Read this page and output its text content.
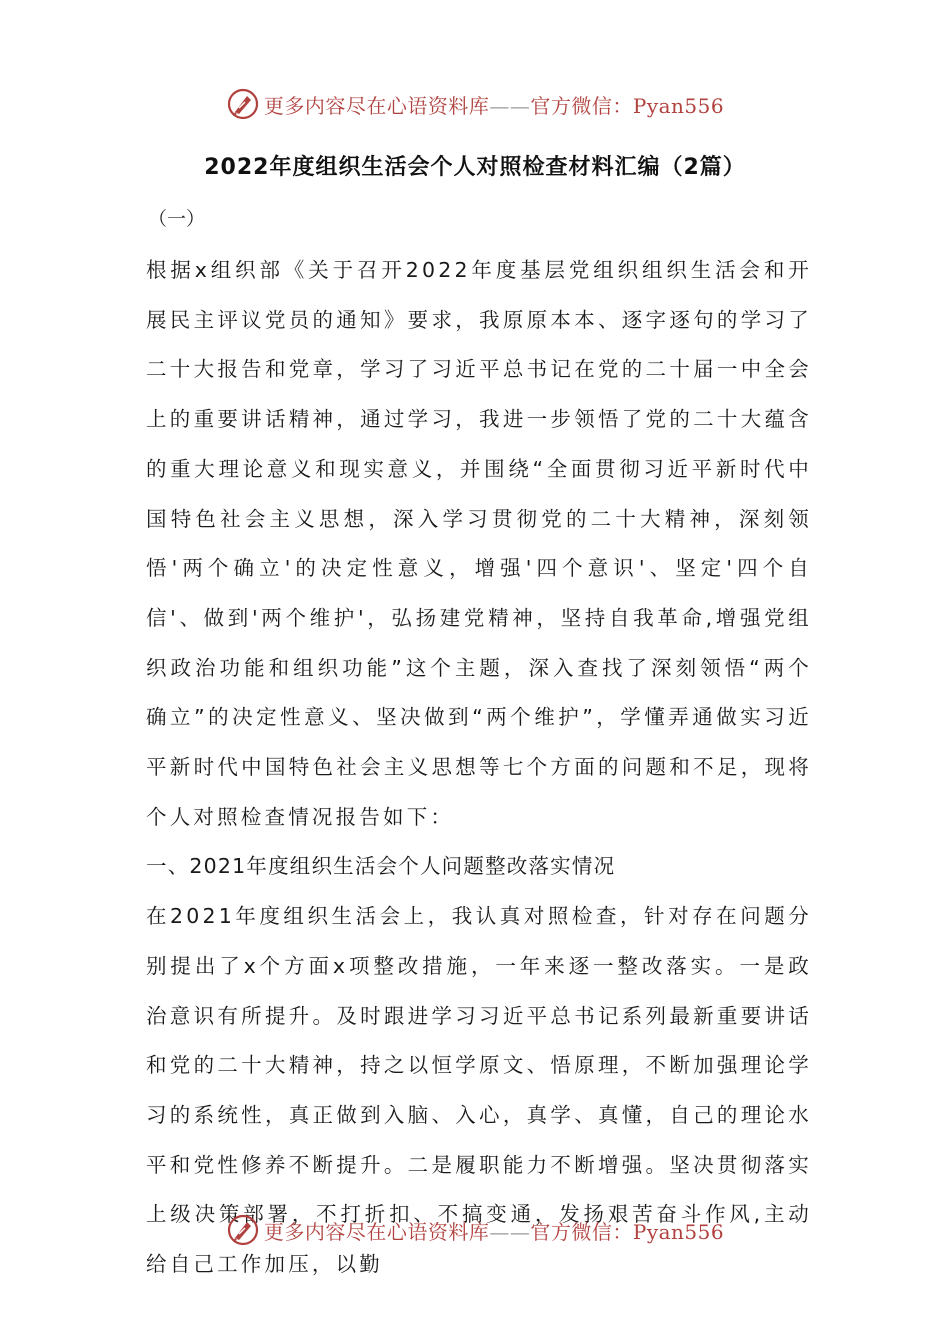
更多内容尽在心语资料库——官方微信：Pyan556
2022年度组织生活会个人对照检查材料汇编（2篇）
（一）

根据x组织部《关于召开2022年度基层党组织组织生活会和开展民主评议党员的通知》要求，我原原本本、逐字逐句的学习了二十大报告和党章，学习了习近平总书记在党的二十届一中全会上的重要讲话精神，通过学习，我进一步领悟了党的二十大蕴含的重大理论意义和现实意义，并围绕“全面贯彻习近平新时代中国特色社会主义思想，深入学习贯彻党的二十大精神，深刻领悟'两个确立'的决定性意义，增强'四个意识'、坚定'四个自信'、做到'两个维护'，弘扬建党精神，坚持自我革命,增强党组织政治功能和组织功能”这个主题，深入查找了深刻领悟“两个确立”的决定性意义、坚决做到“两个维护”，学懂弄通做实习近平新时代中国特色社会主义思想等七个方面的问题和不足，现将个人对照检查情况报告如下：

一、2021年度组织生活会个人问题整改落实情况

在2021年度组织生活会上，我认真对照检查，针对存在问题分别提出了x个方面x项整改措施，一年来逐一整改落实。一是政治意识有所提升。及时跟进学习习近平总书记系列最新重要讲话和党的二十大精神，持之以恒学原文、悟原理，不断加强理论学习的系统性，真正做到入脑、入心，真学、真懂，自己的理论水平和党性修养不断提升。二是履职能力不断增强。坚决贯彻落实上级决策部署，不打折扣、不搞变通，发扬艰苦奋斗作风,主动给自己工作加压，以勤

更多内容尽在心语资料库——官方微信：Pyan556
